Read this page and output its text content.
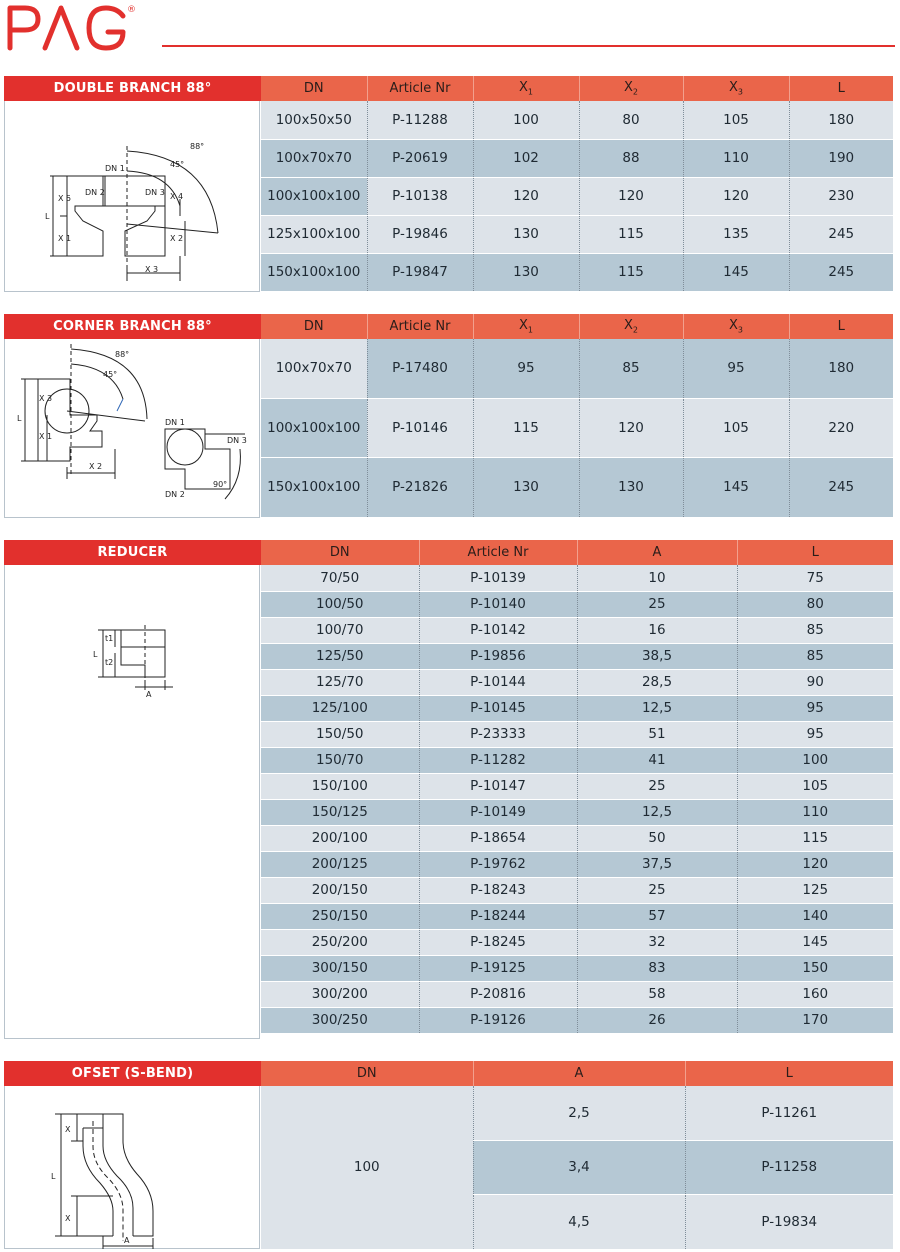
®
DOUBLE BRANCH 88°
88°
45°
DN 1
DN 2	DN 3
X 5	X 4
L
X 1	X 2
X 3
DN	Article Nr	$X_1$	$X_2$	$X_3$	L
100x50x50	P-11288	100	80	105	180
100x70x70	P-20619	102	88	110	190
100x100x100	P-10138	120	120	120	230
125x100x100	P-19846	130	115	135	245
150x100x100	P-19847	130	115	145	245
CORNER BRANCH 88°
88°
45°
X 3
L
X 1
X 2
DN 1
DN 3
DN 2
90°
DN	Article Nr	$X_1$	$X_2$	$X_3$	L
100x70x70	P-17480	95	85	95	180
100x100x100	P-10146	115	120	105	220
150x100x100	P-21826	130	130	145	245
REDUCER
t1
t2
L
A
DN	Article Nr	A	L
70/50	P-10139	10	75
100/50	P-10140	25	80
100/70	P-10142	16	85
125/50	P-19856	38,5	85
125/70	P-10144	28,5	90
125/100	P-10145	12,5	95
150/50	P-23333	51	95
150/70	P-11282	41	100
150/100	P-10147	25	105
150/125	P-10149	12,5	110
200/100	P-18654	50	115
200/125	P-19762	37,5	120
200/150	P-18243	25	125
250/150	P-18244	57	140
250/200	P-18245	32	145
300/150	P-19125	83	150
300/200	P-20816	58	160
300/250	P-19126	26	170
OFSET (S-BEND)
X
L
X
A
DN	A	L
100	2,5	P-11261
	3,4	P-11258
	4,5	P-19834
